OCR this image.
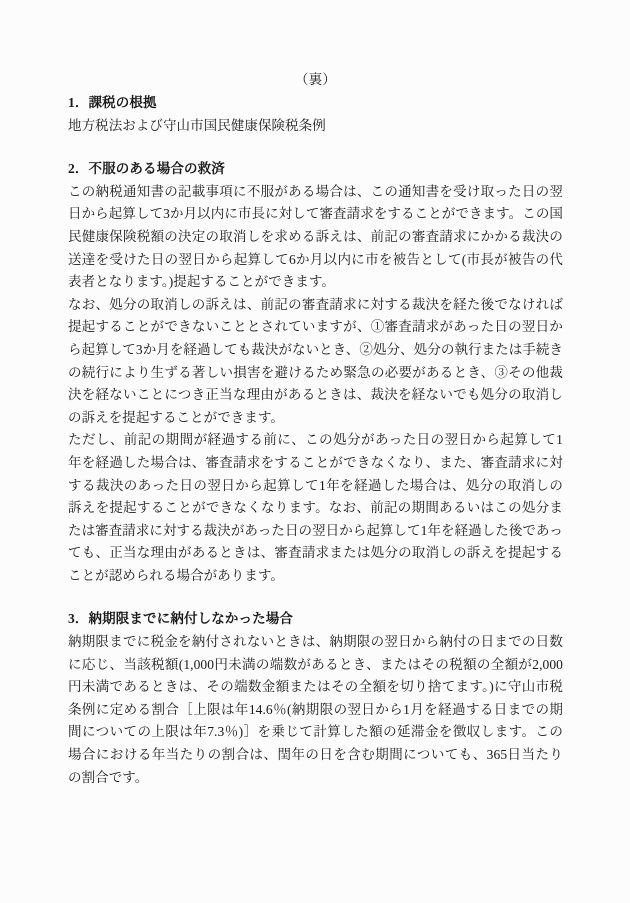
（裏）
1．課税の根拠

地方税法および守山市国民健康保険税条例

2．不服のある場合の救済

この納税通知書の記載事項に不服がある場合は、この通知書を受け取った日の翌日から起算して3か月以内に市長に対して審査請求をすることができます。この国民健康保険税額の決定の取消しを求める訴えは、前記の審査請求にかかる裁決の送達を受けた日の翌日から起算して6か月以内に市を被告として(市長が被告の代表者となります。)提起することができます。

なお、処分の取消しの訴えは、前記の審査請求に対する裁決を経た後でなければ提起することができないこととされていますが、①審査請求があった日の翌日から起算して3か月を経過しても裁決がないとき、②処分、処分の執行または手続きの続行により生ずる著しい損害を避けるため緊急の必要があるとき、③その他裁決を経ないことにつき正当な理由があるときは、裁決を経ないでも処分の取消しの訴えを提起することができます。

ただし、前記の期間が経過する前に、この処分があった日の翌日から起算して1年を経過した場合は、審査請求をすることができなくなり、また、審査請求に対する裁決のあった日の翌日から起算して1年を経過した場合は、処分の取消しの訴えを提起することができなくなります。なお、前記の期間あるいはこの処分または審査請求に対する裁決があった日の翌日から起算して1年を経過した後であっても、正当な理由があるときは、審査請求または処分の取消しの訴えを提起することが認められる場合があります。

3．納期限までに納付しなかった場合

納期限までに税金を納付されないときは、納期限の翌日から納付の日までの日数に応じ、当該税額(1,000円未満の端数があるとき、またはその税額の全額が2,000円未満であるときは、その端数金額またはその全額を切り捨てます。)に守山市税条例に定める割合［上限は年14.6％(納期限の翌日から1月を経過する日までの期間についての上限は年7.3％)］を乗じて計算した額の延滞金を徴収します。この場合における年当たりの割合は、閏年の日を含む期間についても、365日当たりの割合です。
